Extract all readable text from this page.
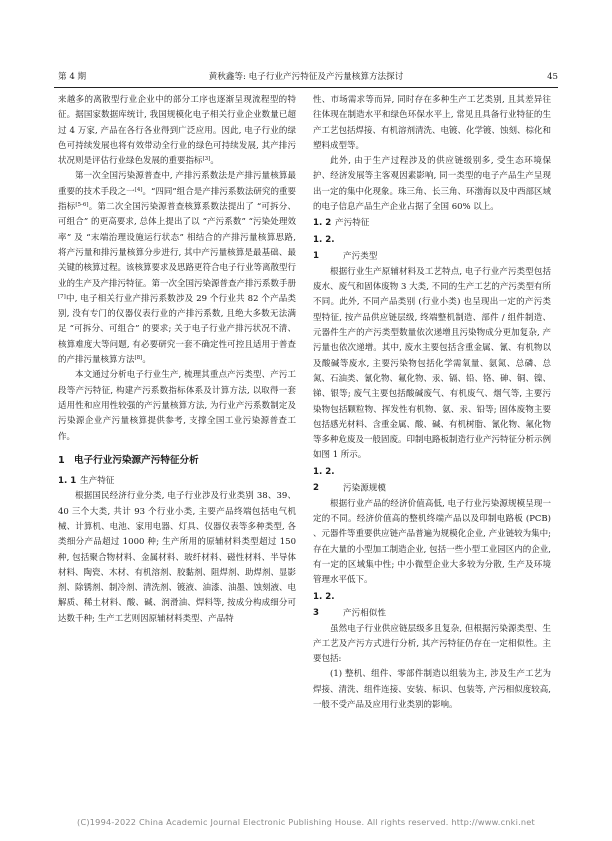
第 4 期	黄秋鑫等: 电子行业产污特征及产污量核算方法探讨	45

来越多的离散型行业企业中的部分工序也逐渐呈现流程型的特征。据国家数据库统计, 我国规模化电子相关行业企业数量已超过 4 万家, 产品在各行各业得到广泛应用。因此, 电子行业的绿色可持续发展也将有效带动全行业的绿色可持续发展, 其产排污状况则是评估行业绿色发展的重要指标[3]。

第一次全国污染源普查中, 产排污系数法是产排污量核算最重要的技术手段之一[4]。“四同”组合是产排污系数法研究的重要指标[5-6]。第二次全国污染源普查核算系数法提出了 “可拆分、可组合” 的更高要求, 总体上提出了以 “产污系数” “污染处理效率” 及 “末端治理设施运行状态” 相结合的产排污量核算思路, 将产污量和排污量核算分步进行, 其中产污量核算是最基础、最关键的核算过程。该核算要求及思路更符合电子行业等离散型行业的生产及产排污特征。第一次全国污染源普查产排污系数手册[7]中, 电子相关行业产排污系数涉及 29 个行业共 82 个产品类别, 没有专门的仪器仪表行业的产排污系数, 且绝大多数无法满足 “可拆分、可组合” 的要求; 关于电子行业产排污状况不清、核算难度大等问题, 有必要研究一套不确定性可控且适用于普查的产排污量核算方法[8]。

本文通过分析电子行业生产, 梳理其重点产污类型、产污工段等产污特征, 构建产污系数指标体系及计算方法, 以取得一套适用性和应用性较强的产污量核算方法, 为行业产污系数制定及污染源企业产污量核算提供参考, 支撑全国工业污染源普查工作。

1 电子行业污染源产污特征分析
1. 1 生产特征

根据国民经济行业分类, 电子行业涉及行业类别 38、39、40 三个大类, 共计 93 个行业小类, 主要产品终端包括电气机械、计算机、电池、家用电器、灯具、仪器仪表等多种类型, 各类细分产品超过 1000 种; 生产所用的原辅材料类型超过 150 种, 包括聚合物材料、金属材料、玻纤材料、磁性材料、半导体材料、陶瓷、木材、有机溶剂、胶黏剂、阻焊剂、助焊剂、显影剂、除锈剂、制冷剂、清洗剂、镀液、油漆、油墨、蚀刻液、电解质、稀土材料、酸、碱、润滑油、焊料等, 按成分构成细分可达数千种; 生产工艺则因原辅材料类型、产品特

性、市场需求等而异, 同时存在多种生产工艺类别, 且其差异往往体现在制造水平和绿色环保水平上, 常见且具备行业特征的生产工艺包括焊接、有机溶剂清洗、电镀、化学镀、蚀刻、棕化和塑料成型等。

此外, 由于生产过程涉及的供应链级别多, 受生态环境保护、经济发展等主客观因素影响, 同一类型的电子产品生产呈现出一定的集中化现象。珠三角、长三角、环渤海以及中西部区域的电子信息产品生产企业占据了全国 60% 以上。

1. 2 产污特征
1. 2. 1	产污类型

根据行业生产原辅材料及工艺特点, 电子行业产污类型包括废水、废气和固体废物 3 大类, 不同的生产工艺的产污类型有所不同。此外, 不同产品类别 (行业小类) 也呈现出一定的产污类型特征, 按产品供应链层级, 终端整机制造、部件 / 组件制造、元器件生产的产污类型数量依次递增且污染物成分更加复杂, 产污量也依次递增。其中, 废水主要包括含重金属、氰、有机物以及酸碱等废水, 主要污染物包括化学需氧量、氨氮、总磷、总氮、石油类、氰化物、氟化物、汞、镉、铅、铬、砷、铜、镍、锑、银等; 废气主要包括酸碱废气、有机废气、烟气等, 主要污染物包括颗粒物、挥发性有机物、氨、汞、铅等; 固体废物主要包括感光材料、含重金属、酸、碱、有机树脂、氰化物、氟化物等多种危废及一般固废。印制电路板制造行业产污特征分析示例如图 1 所示。

1. 2. 2	污染源规模

根据行业产品的经济价值高低, 电子行业污染源规模呈现一定的不同。经济价值高的整机终端产品以及印制电路板 (PCB) 、元器件等重要供应链产品普遍为规模化企业, 产业链较为集中; 存在大量的小型加工制造企业, 包括一些小型工业园区内的企业, 有一定的区域集中性; 中小微型企业大多较为分散, 生产及环境管理水平低下。

1. 2. 3	产污相似性

虽然电子行业供应链层级多且复杂, 但根据污染源类型、生产工艺及产污方式进行分析, 其产污特征仍存在一定相似性。主要包括:

(1) 整机、组件、零部件制造以组装为主, 涉及生产工艺为焊接、清洗、组件连接、安装、标识、包装等, 产污相似度较高, 一般不受产品及应用行业类别的影响。

(C)1994-2022 China Academic Journal Electronic Publishing House. All rights reserved. http://www.cnki.net
